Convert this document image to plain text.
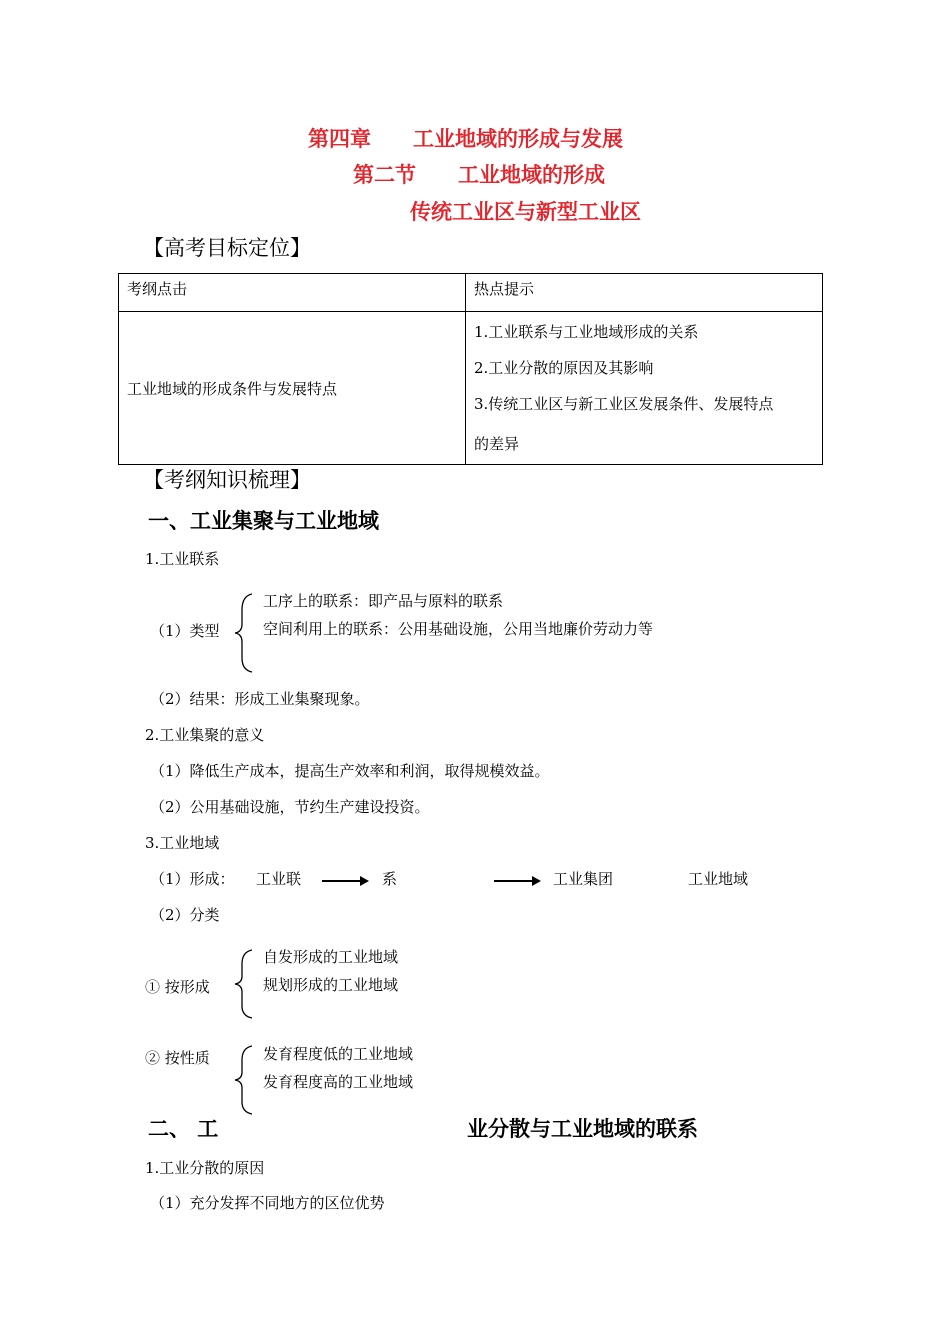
第四章　　工业地域的形成与发展
第二节　　工业地域的形成
传统工业区与新型工业区
【高考目标定位】
考纲点击	热点提示

工业地域的形成条件与发展特点	1.工业联系与工业地域形成的关系
2.工业分散的原因及其影响
3.传统工业区与新工业区发展条件、发展特点
的差异
【考纲知识梳理】
一、工业集聚与工业地域
1.工业联系
（1）类型
工序上的联系：即产品与原料的联系
空间利用上的联系：公用基础设施，公用当地廉价劳动力等
（2）结果：形成工业集聚现象。
2.工业集聚的意义
（1）降低生产成本，提高生产效率和利润，取得规模效益。
（2）公用基础设施，节约生产建设投资。
3.工业地域
（1）形成： 工业联	系	工业集团	工业地域
（2）分类
① 按形成
自发形成的工业地域
规划形成的工业地域
② 按性质	发育程度低的工业地域
发育程度高的工业地域
二、 工	业分散与工业地域的联系
1.工业分散的原因
（1）充分发挥不同地方的区位优势
